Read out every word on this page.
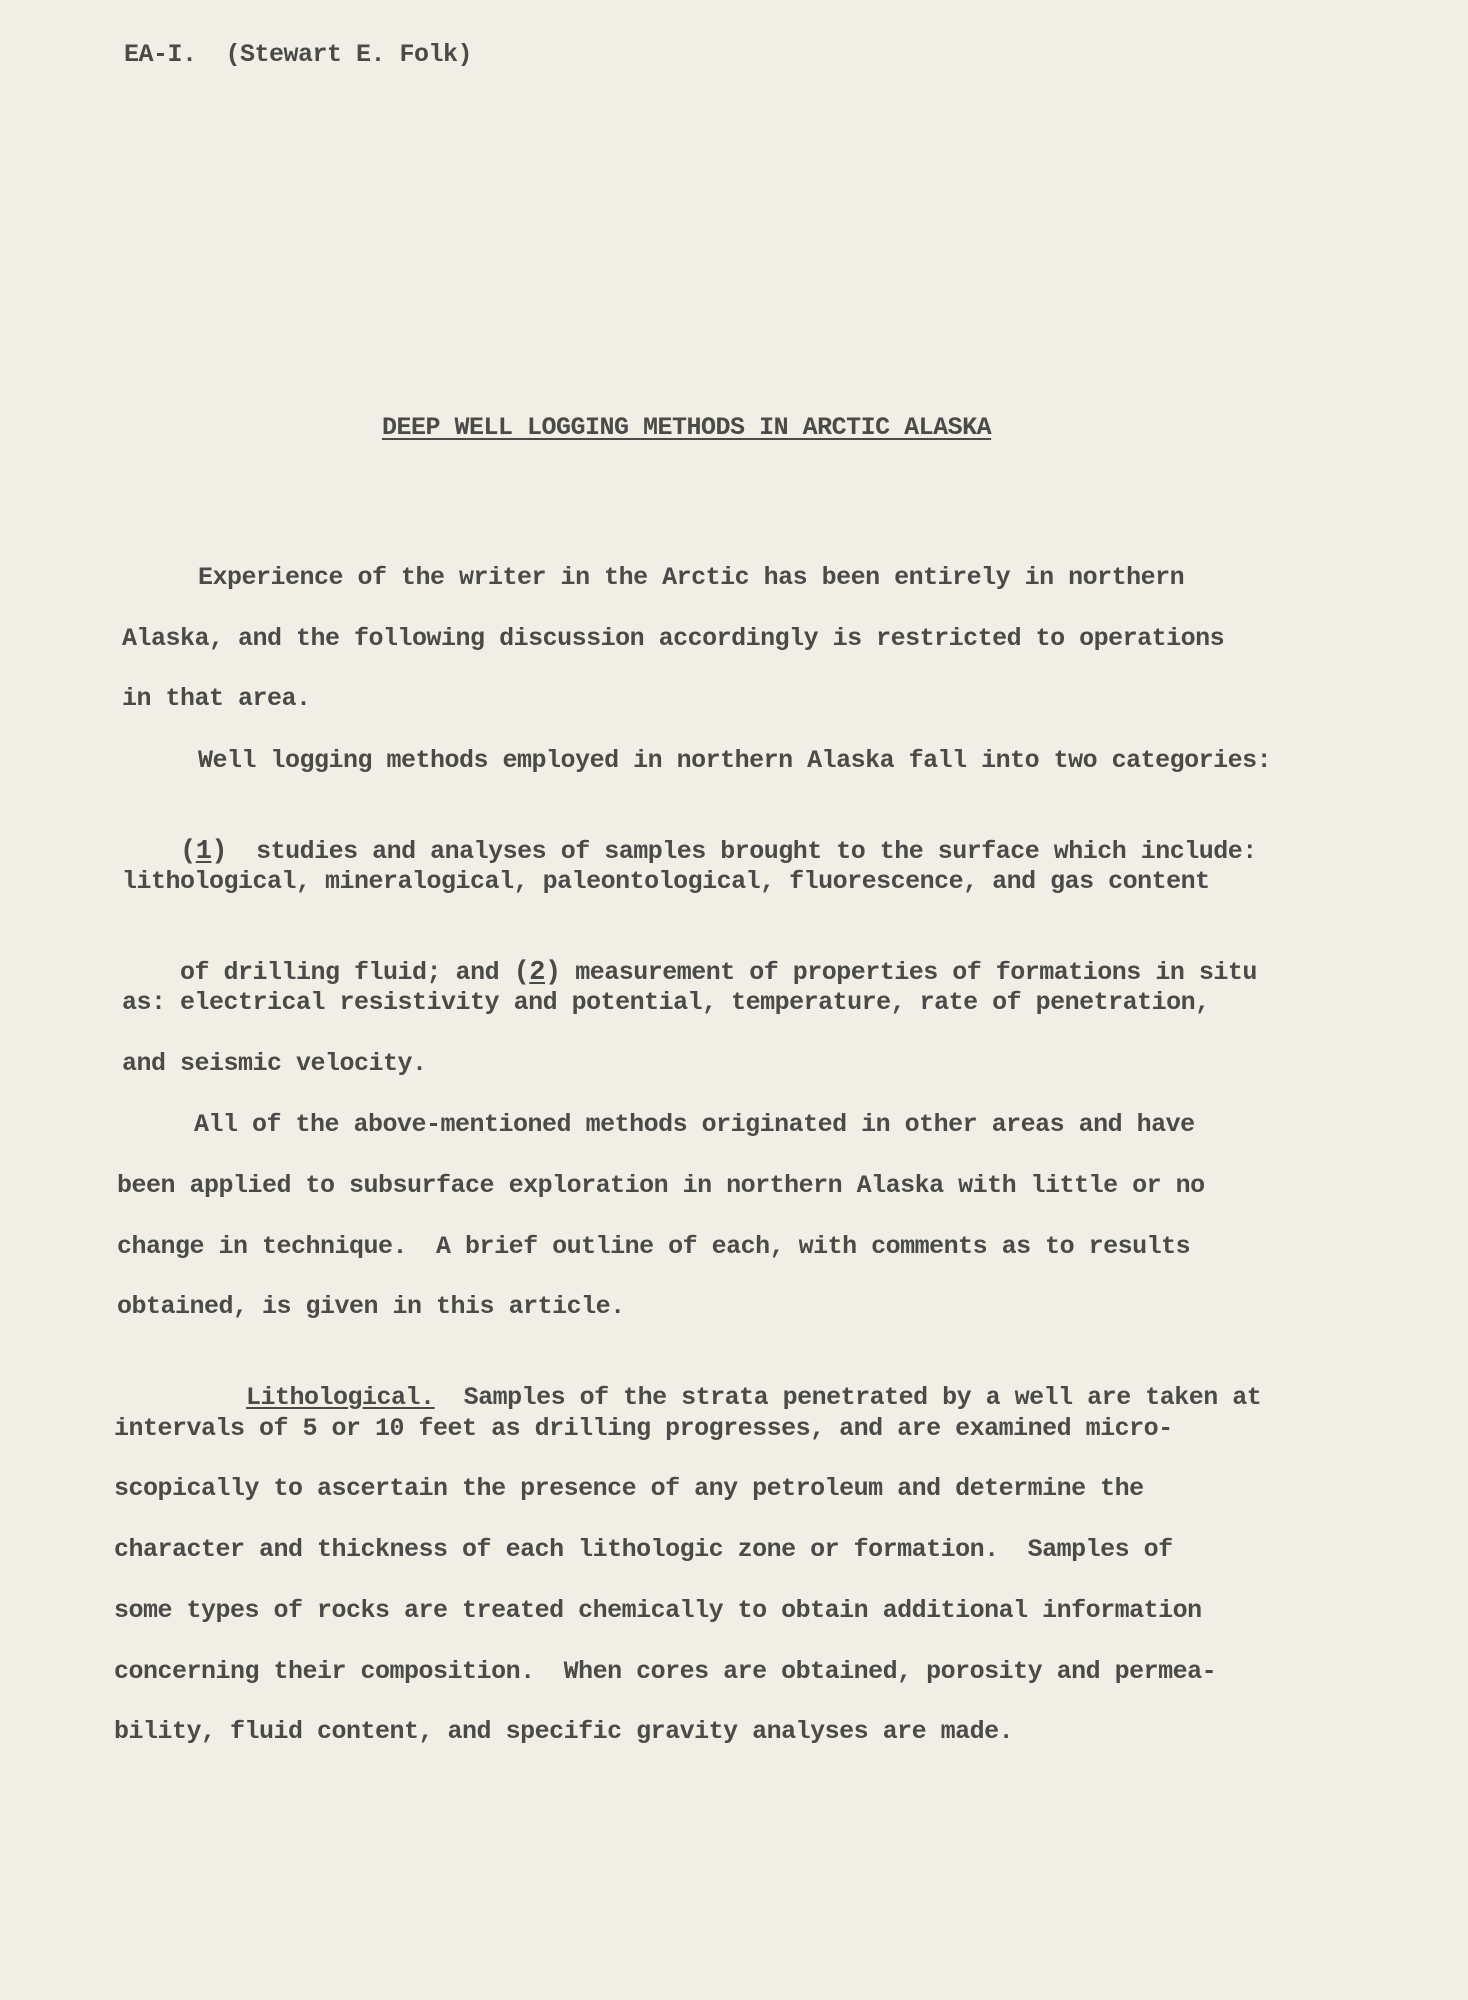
EA-I.  (Stewart E. Folk)
DEEP WELL LOGGING METHODS IN ARCTIC ALASKA
Experience of the writer in the Arctic has been entirely in northern
Alaska, and the following discussion accordingly is restricted to operations
in that area.
Well logging methods employed in northern Alaska fall into two categories:

(1) studies and analyses of samples brought to the surface which include:

lithological, mineralogical, paleontological, fluorescence, and gas content

of drilling fluid; and (2) measurement of properties of formations in situ

as: electrical resistivity and potential, temperature, rate of penetration,
and seismic velocity.
All of the above-mentioned methods originated in other areas and have
been applied to subsurface exploration in northern Alaska with little or no
change in technique.  A brief outline of each, with comments as to results
obtained, is given in this article.

Lithological. Samples of the strata penetrated by a well are taken at

intervals of 5 or 10 feet as drilling progresses, and are examined micro-
scopically to ascertain the presence of any petroleum and determine the
character and thickness of each lithologic zone or formation.  Samples of
some types of rocks are treated chemically to obtain additional information
concerning their composition.  When cores are obtained, porosity and permea-
bility, fluid content, and specific gravity analyses are made.
